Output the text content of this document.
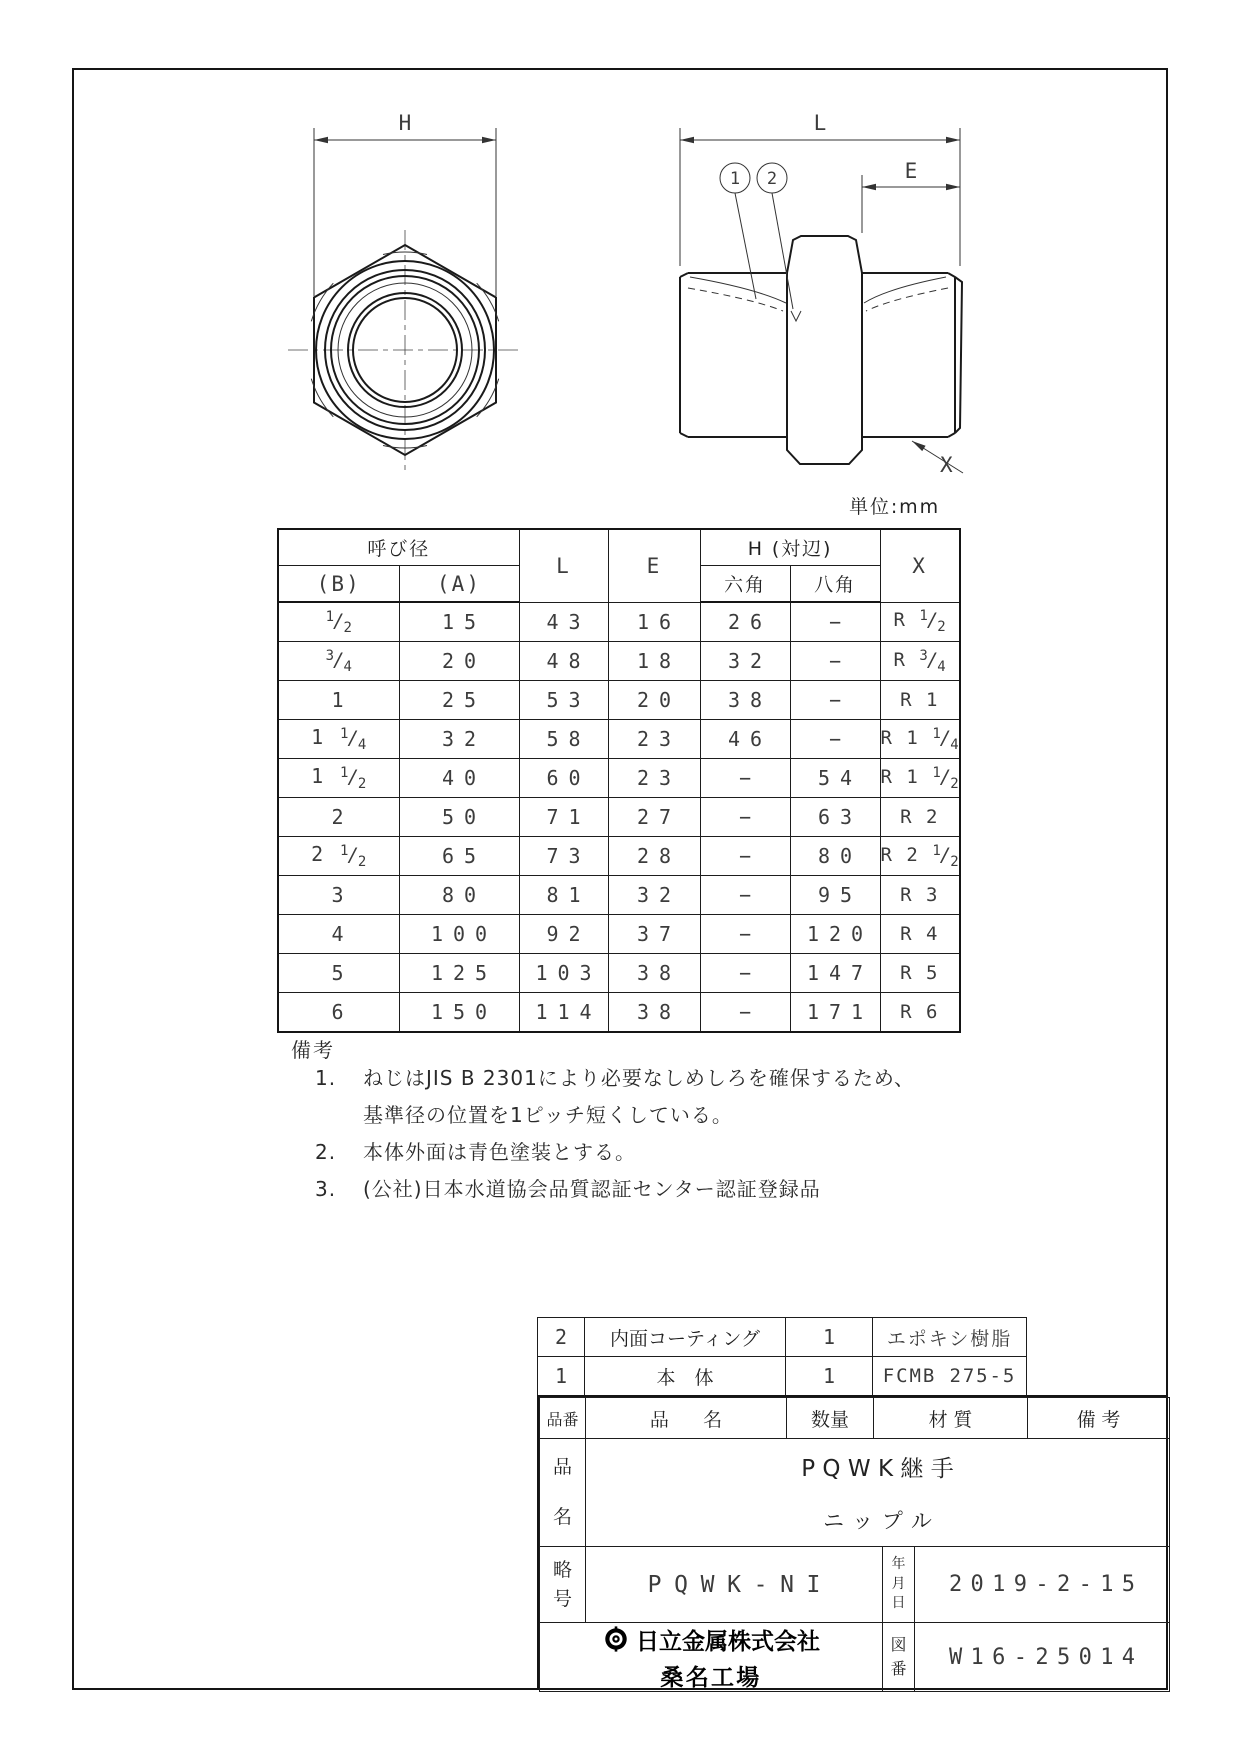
H
1 2
L
E
X
単位:mm
呼び径		L	E	H (対辺)		X
(B)	(A)			六角	八角	
$^1/_2$	15	43	16	26	−	R $^1/_2$
$^3/_4$	20	48	18	32	−	R $^3/_4$
1	25	53	20	38	−	R 1
1 $^1/_4$	32	58	23	46	−	R 1 $^1/_4$
1 $^1/_2$	40	60	23	−	54	R 1 $^1/_2$
2	50	71	27	−	63	R 2
2 $^1/_2$	65	73	28	−	80	R 2 $^1/_2$
3	80	81	32	−	95	R 3
4	100	92	37	−	120	R 4
5	125	103	38	−	147	R 5
6	150	114	38	−	171	R 6
備考
1. ねじはJIS B 2301により必要なしめしろを確保するため、
基準径の位置を1ピッチ短くしている。
2. 本体外面は青色塗装とする。
3. (公社)日本水道協会品質認証センター認証登録品
2	内面コーティング	1	エポキシ樹脂
1	本　体	1	FCMB 275-5
品番	品　名	数量	材質	備考
品名
PQWK継手
ニップル
略号
PQWK-NI
年月日
2019-2-15
日立金属株式会社
桑名工場
図番	W16-25014
